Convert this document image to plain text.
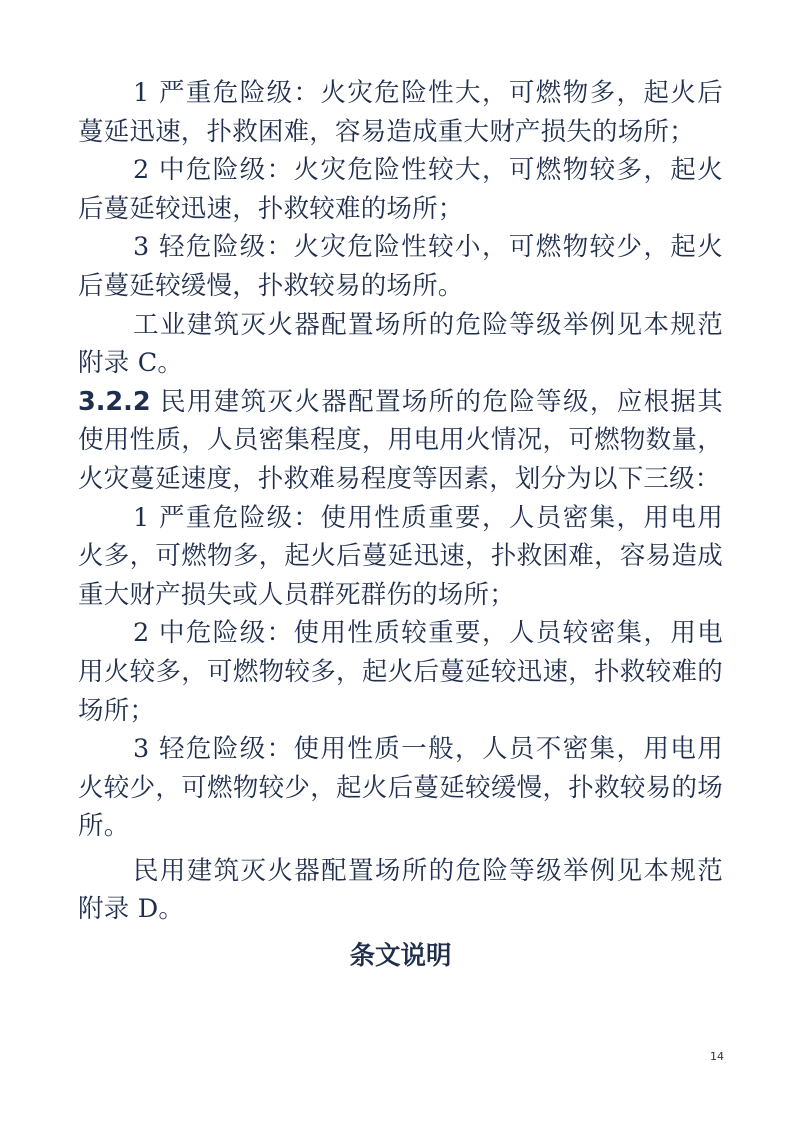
1 严重危险级：火灾危险性大，可燃物多，起火后蔓延迅速，扑救困难，容易造成重大财产损失的场所；

2 中危险级：火灾危险性较大，可燃物较多，起火后蔓延较迅速，扑救较难的场所；

3 轻危险级：火灾危险性较小，可燃物较少，起火后蔓延较缓慢，扑救较易的场所。

工业建筑灭火器配置场所的危险等级举例见本规范附录 C。

3.2.2 民用建筑灭火器配置场所的危险等级，应根据其使用性质，人员密集程度，用电用火情况，可燃物数量，火灾蔓延速度，扑救难易程度等因素，划分为以下三级：

1 严重危险级：使用性质重要，人员密集，用电用火多，可燃物多，起火后蔓延迅速，扑救困难，容易造成重大财产损失或人员群死群伤的场所；

2 中危险级：使用性质较重要，人员较密集，用电用火较多，可燃物较多，起火后蔓延较迅速，扑救较难的场所；

3 轻危险级：使用性质一般，人员不密集，用电用火较少，可燃物较少，起火后蔓延较缓慢，扑救较易的场所。

民用建筑灭火器配置场所的危险等级举例见本规范附录 D。

条文说明
14
